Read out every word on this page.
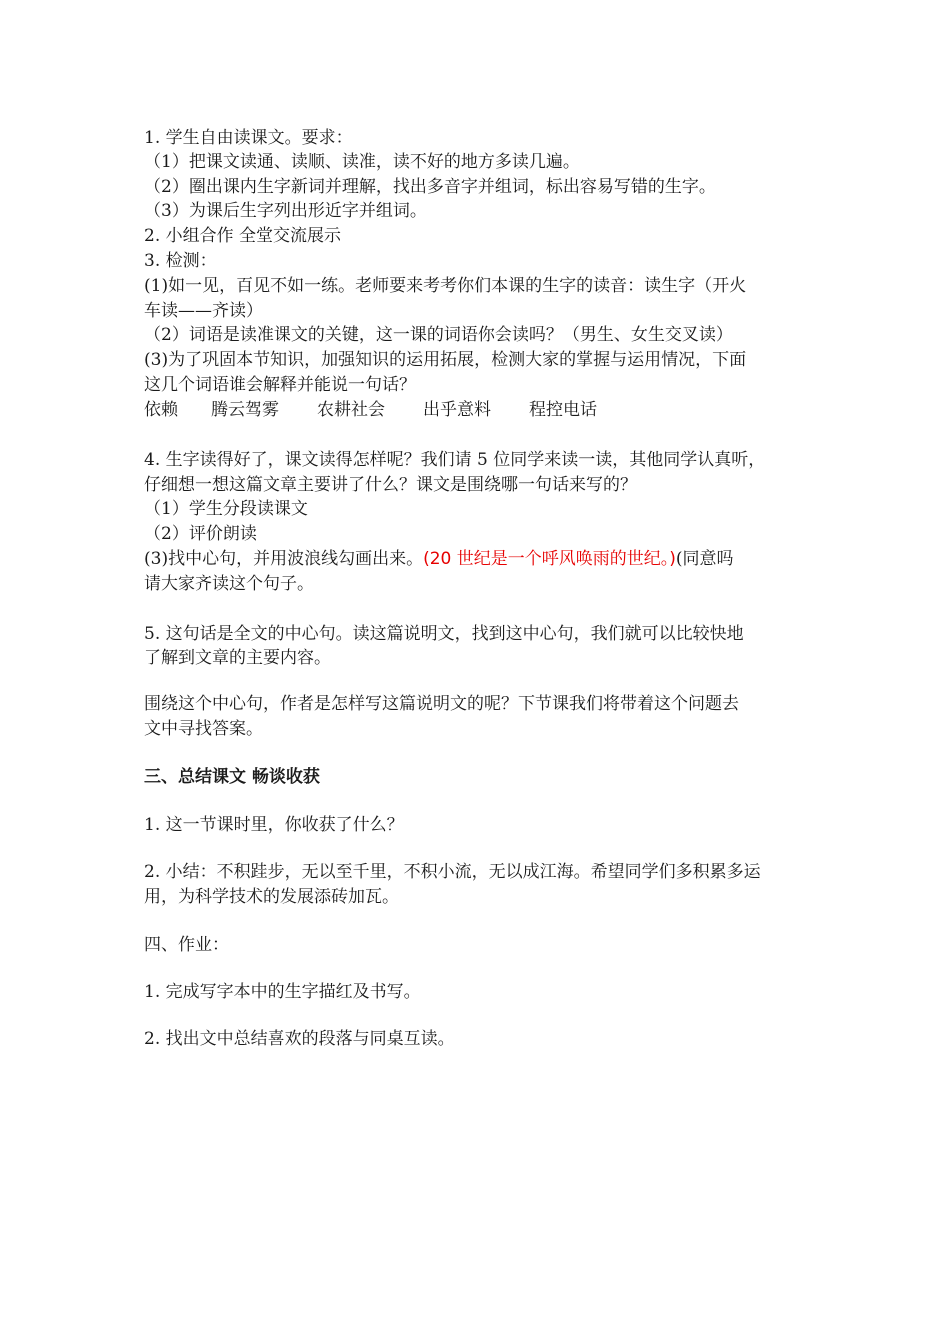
1. 学生自由读课文。要求：
（1）把课文读通、读顺、读准，读不好的地方多读几遍。
（2）圈出课内生字新词并理解，找出多音字并组词，标出容易写错的生字。
（3）为课后生字列出形近字并组词。
2. 小组合作 全堂交流展示
3. 检测：
(1)如一见，百见不如一练。老师要来考考你们本课的生字的读音：读生字（开火
车读——齐读）
（2）词语是读准课文的关键，这一课的词语你会读吗？（男生、女生交叉读）
(3)为了巩固本节知识，加强知识的运用拓展，检测大家的掌握与运用情况，下面
这几个词语谁会解释并能说一句话？
依赖 腾云驾雾 农耕社会 出乎意料 程控电话
4. 生字读得好了，课文读得怎样呢？我们请 5 位同学来读一读，其他同学认真听，
仔细想一想这篇文章主要讲了什么？课文是围绕哪一句话来写的？
（1）学生分段读课文
（2）评价朗读
(3)找中心句，并用波浪线勾画出来。(20 世纪是一个呼风唤雨的世纪。)(同意吗
请大家齐读这个句子。
5. 这句话是全文的中心句。读这篇说明文，找到这中心句，我们就可以比较快地
了解到文章的主要内容。
围绕这个中心句，作者是怎样写这篇说明文的呢？下节课我们将带着这个问题去
文中寻找答案。
三、总结课文 畅谈收获
1. 这一节课时里，你收获了什么？
2. 小结：不积跬步，无以至千里，不积小流，无以成江海。希望同学们多积累多运
用，为科学技术的发展添砖加瓦。
四、作业：
1. 完成写字本中的生字描红及书写。
2. 找出文中总结喜欢的段落与同桌互读。
